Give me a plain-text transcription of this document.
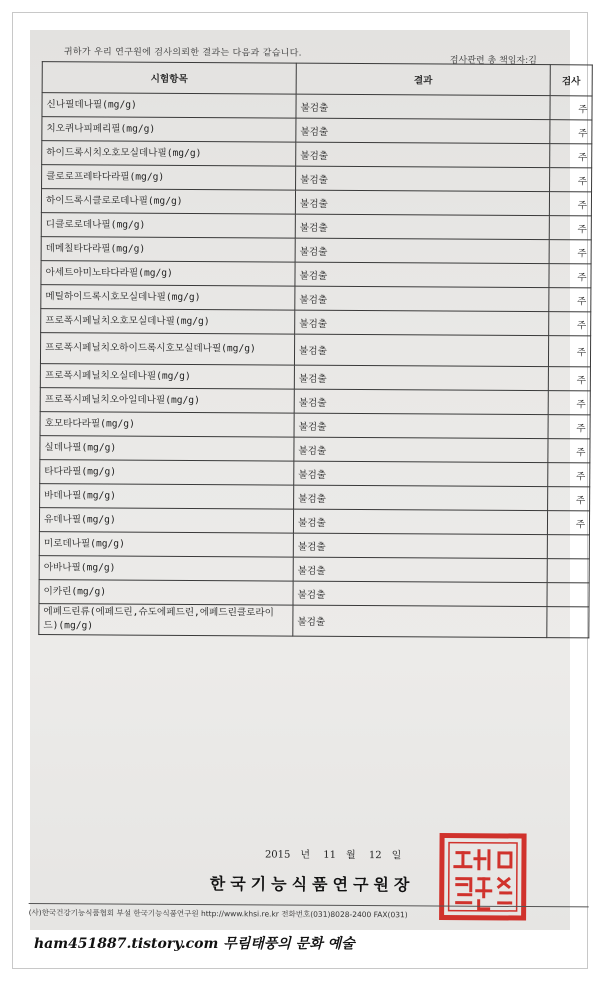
귀하가 우리 연구원에 검사의뢰한 결과는 다음과 같습니다.
검사관련 총 책임자:김
시험항목	결과	검사
신나필데나필(mg/g)	불검출	주
치오퀴나피페리필(mg/g)	불검출	주
하이드록시치오호모실데나필(mg/g)	불검출	주
클로로프레타다라필(mg/g)	불검출	주
하이드록시클로로데나필(mg/g)	불검출	주
디클로로데나필(mg/g)	불검출	주
데메칠타다라필(mg/g)	불검출	주
아세트아미노타다라필(mg/g)	불검출	주
메틸하이드록시호모실데나필(mg/g)	불검출	주
프로폭시페닐치오호모실데나필(mg/g)	불검출	주
프로폭시페닐치오하이드록시호모실데나필(mg/g)	불검출	주
프로폭시페닐치오실데나필(mg/g)	불검출	주
프로폭시페닐치오아일데나필(mg/g)	불검출	주
호모타다라필(mg/g)	불검출	주
실데나필(mg/g)	불검출	주
타다라필(mg/g)	불검출	주
바데나필(mg/g)	불검출	주
유데나필(mg/g)	불검출	주
미로데나필(mg/g)	불검출	
아바나필(mg/g)	불검출	
이카린(mg/g)	불검출	
에페드린류(에페드린,슈도에페드린,에페드린클로라이드)(mg/g)	불검출	
2015 년 11 월 12 일
한국기능식품연구원장
(사)한국건강기능식품협회 부설 한국기능식품연구원 http://www.khsi.re.kr 전화번호(031)8028-2400 FAX(031)
ham451887.tistory.com 무림태풍의 문화 예술
